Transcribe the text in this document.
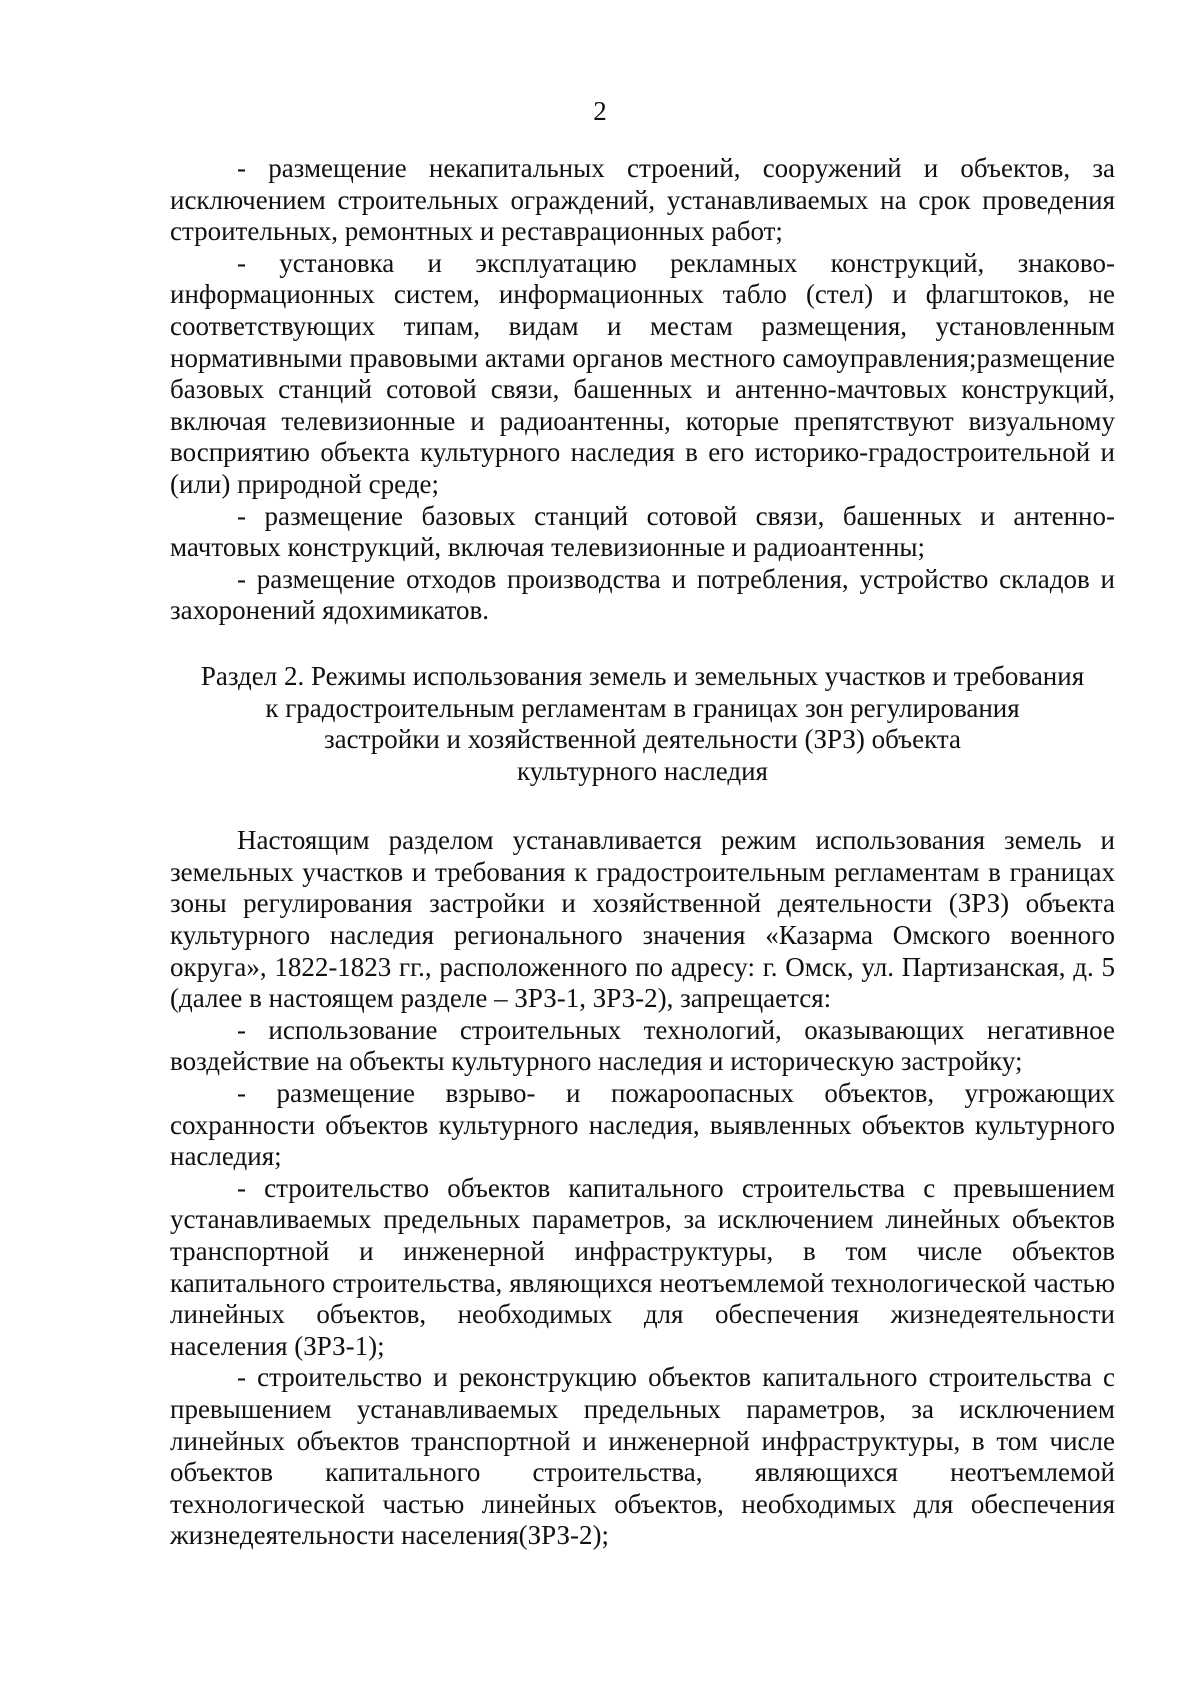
2

- размещение некапитальных строений, сооружений и объектов, за исключением строительных ограждений, устанавливаемых на срок проведения строительных, ремонтных и реставрационных работ;

- установка и эксплуатацию рекламных конструкций, знаково-информационных систем, информационных табло (стел) и флагштоков, не соответствующих типам, видам и местам размещения, установленным нормативными правовыми актами органов местного самоуправления;размещение базовых станций сотовой связи, башенных и антенно-мачтовых конструкций, включая телевизионные и радиоантенны, которые препятствуют визуальному восприятию объекта культурного наследия в его историко-градостроительной и (или) природной среде;

- размещение базовых станций сотовой связи, башенных и антенно-мачтовых конструкций, включая телевизионные и радиоантенны;

- размещение отходов производства и потребления, устройство складов и захоронений ядохимикатов.

Раздел 2. Режимы использования земель и земельных участков и требования
к градостроительным регламентам в границах зон регулирования
застройки и хозяйственной деятельности (ЗРЗ) объекта
культурного наследия

Настоящим разделом устанавливается режим использования земель и земельных участков и требования к градостроительным регламентам в границах зоны регулирования застройки и хозяйственной деятельности (ЗРЗ) объекта культурного наследия регионального значения «Казарма Омского военного округа», 1822-1823 гг., расположенного по адресу: г. Омск, ул. Партизанская, д. 5 (далее в настоящем разделе – ЗРЗ-1, ЗРЗ-2), запрещается:

- использование строительных технологий, оказывающих негативное воздействие на объекты культурного наследия и историческую застройку;

- размещение взрыво- и пожароопасных объектов, угрожающих сохранности объектов культурного наследия, выявленных объектов культурного наследия;

- строительство объектов капитального строительства с превышением устанавливаемых предельных параметров, за исключением линейных объектов транспортной и инженерной инфраструктуры, в том числе объектов капитального строительства, являющихся неотъемлемой технологической частью линейных объектов, необходимых для обеспечения жизнедеятельности населения (ЗРЗ-1);

- строительство и реконструкцию объектов капитального строительства с превышением устанавливаемых предельных параметров, за исключением линейных объектов транспортной и инженерной инфраструктуры, в том числе объектов капитального строительства, являющихся неотъемлемой технологической частью линейных объектов, необходимых для обеспечения жизнедеятельности населения(ЗРЗ-2);
